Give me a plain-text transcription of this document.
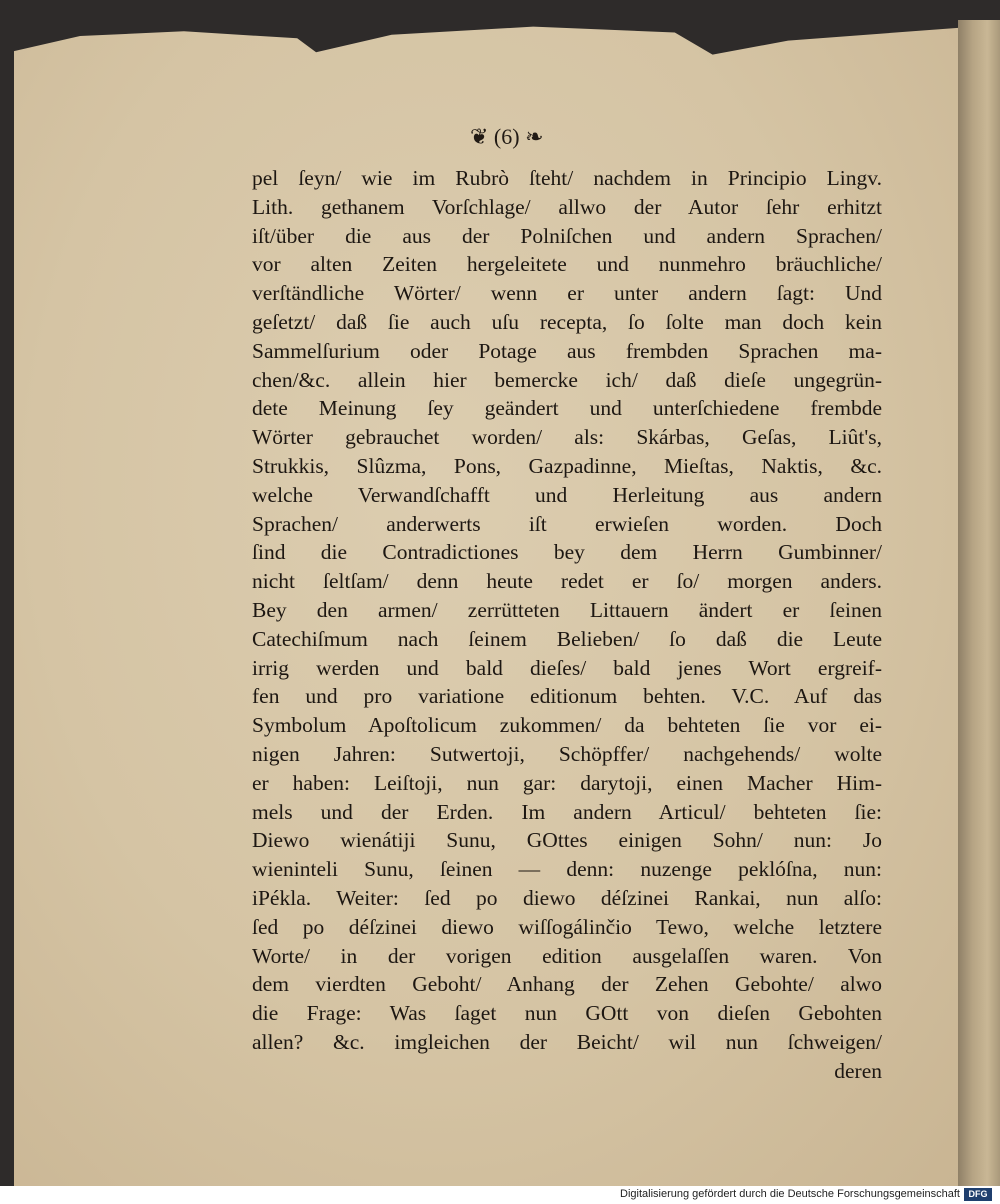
❦ (6) ❧
pel ſeyn/ wie im Rubrò ſteht/ nachdem in Principio Lingv.
Lith. gethanem Vorſchlage/ allwo der Autor ſehr erhitzt
iſt/über die aus der Polniſchen und andern Sprachen/
vor alten Zeiten hergeleitete und nunmehro bräuchliche/
verſtändliche Wörter/ wenn er unter andern ſagt: Und
geſetzt/ daß ſie auch uſu recepta, ſo ſolte man doch kein
Sammelſurium oder Potage aus frembden Sprachen ma-
chen/&c. allein hier bemercke ich/ daß dieſe ungegrün-
dete Meinung ſey geändert und unterſchiedene frembde
Wörter gebrauchet worden/ als: Skárbas, Geſas, Liût's,
Strukkis, Slûzma, Pons, Gazpadinne, Mieſtas, Naktis, &c.
welche Verwandſchafft und Herleitung aus andern
Sprachen/ anderwerts iſt erwieſen worden. Doch
ſind die Contradictiones bey dem Herrn Gumbinner/
nicht ſeltſam/ denn heute redet er ſo/ morgen anders.
Bey den armen/ zerrütteten Littauern ändert er ſeinen
Catechiſmum nach ſeinem Belieben/ ſo daß die Leute
irrig werden und bald dieſes/ bald jenes Wort ergreif-
fen und pro variatione editionum behten. V.C. Auf das
Symbolum Apoſtolicum zukommen/ da behteten ſie vor ei-
nigen Jahren: Sutwertoji, Schöpffer/ nachgehends/ wolte
er haben: Leiſtoji, nun gar: darytoji, einen Macher Him-
mels und der Erden. Im andern Articul/ behteten ſie:
Diewo wienátiji Sunu, GOttes einigen Sohn/ nun: Jo
wieninteli Sunu, ſeinen — denn: nuzenge peklóſna, nun:
iPékla. Weiter: ſed po diewo déſzinei Rankai, nun alſo:
ſed po déſzinei diewo wiſſogálinčio Tewo, welche letztere
Worte/ in der vorigen edition ausgelaſſen waren. Von
dem vierdten Geboht/ Anhang der Zehen Gebohte/ alwo
die Frage: Was ſaget nun GOtt von dieſen Gebohten
allen? &c. imgleichen der Beicht/ wil nun ſchweigen/
deren
Digitalisierung gefördert durch die Deutsche Forschungsgemeinschaft DFG
